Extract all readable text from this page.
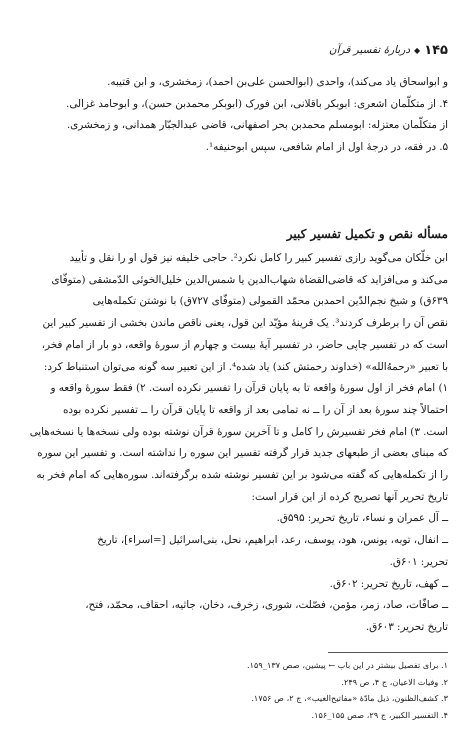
۱۴۵
◆
دربارهٔ تفسیر قرآن
و ابواسحاق یاد می‌کند)، واحدی (ابوالحسن علی‌بن احمد)، زمخشری، و ابن قتیبه.
۴. از متکلّمان اشعری: ابوبکر باقلانی، ابن فورک (ابوبکر محمدبن حسن)، و ابوحامد غزالی.
از متکلّمان معتزله: ابومسلم محمدبن بحر اصفهانی، قاضی عبدالجبّار همدانی، و زمخشری.
۵. در فقه، در درجهٔ اول از امام شافعی، سپس ابوحنیفه¹.
مسأله نقص و تکمیل تفسیر کبیر
ابن خلّکان می‌گوید رازی تفسیر کبیر را کامل نکرد². حاجی خلیفه نیز قول او را نقل و تأیید
می‌کند و می‌افزاید که قاضی‌القضاة شهاب‌الدین یا شمس‌الدین خلیل‌الخوئی الدّمشقی (متوفّای
۶۳۹ق) و شیخ نجم‌الدّین احمدبن محمّد القمولی (متوفّای ۷۲۷ق) با نوشتن تکمله‌هایی
نقص آن را برطرف کردند³. یک قرینهٔ مؤیّد این قول، یعنی ناقص ماندن بخشی از تفسیر کبیر این
است که در تفسیر چاپی حاضر، در تفسیر آیهٔ بیست و چهارم از سورهٔ واقعه، دو بار از امام فخر،
با تعبیر «رحمهُ‌الله» (خداوند رحمتش کند) یاد شده⁴. از این تعبیر سه گونه می‌توان استنباط کرد:
۱) امام فخر از اول سورهٔ واقعه تا به پایان قرآن را تفسیر نکرده است. ۲) فقط سورهٔ واقعه و
احتمالاً چند سورهٔ بعد از آن را ــ نه تمامی بعد از واقعه تا پایان قرآن را ــ تفسیر نکرده بوده
است. ۳) امام فخر تفسیرش را کامل و تا آخرین سورهٔ قرآن نوشته بوده ولی نسخه‌ها یا نسخه‌هایی
که مبنای بعضی از طبعهای جدید قرار گرفته تفسیر این سوره را نداشته است. و تفسیر این سوره
را از تکمله‌هایی که گفته می‌شود بر این تفسیر نوشته شده برگرفته‌اند. سوره‌هایی که امام فخر به
تاریخ تحریر آنها تصریح کرده از این قرار است:
ــ آل عمران و نساء، تاریخ تحریر: ۵۹۵ق.
ــ انفال، توبه، یونس، هود، یوسف، رعد، ابراهیم، نحل، بنی‌اسرائیل [=اسراء]، تاریخ
تحریر: ۶۰۱ق.
ــ کهف، تاریخ تحریر: ۶۰۲ق.
ــ صافّات، صاد، زمر، مؤمن، فصّلت، شوری، زخرف، دخان، جاثیه، احقاف، محمّد، فتح،
تاریخ تحریر: ۶۰۳ق.
۱. برای تفصیل بیشتر در این باب ← پیشین، صص ۱۳۷_۱۵۹.
۲. وفیات الاعیان، ج ۴، ص ۲۴۹.
۳. کشف‌الظنون، ذیل مادّهٔ «مفاتیح‌الغیب»، ج ۲، ص ۱۷۵۶.
۴. التفسیر الکبیر، ج ۲۹، صص ۱۵۵_۱۵۶.
